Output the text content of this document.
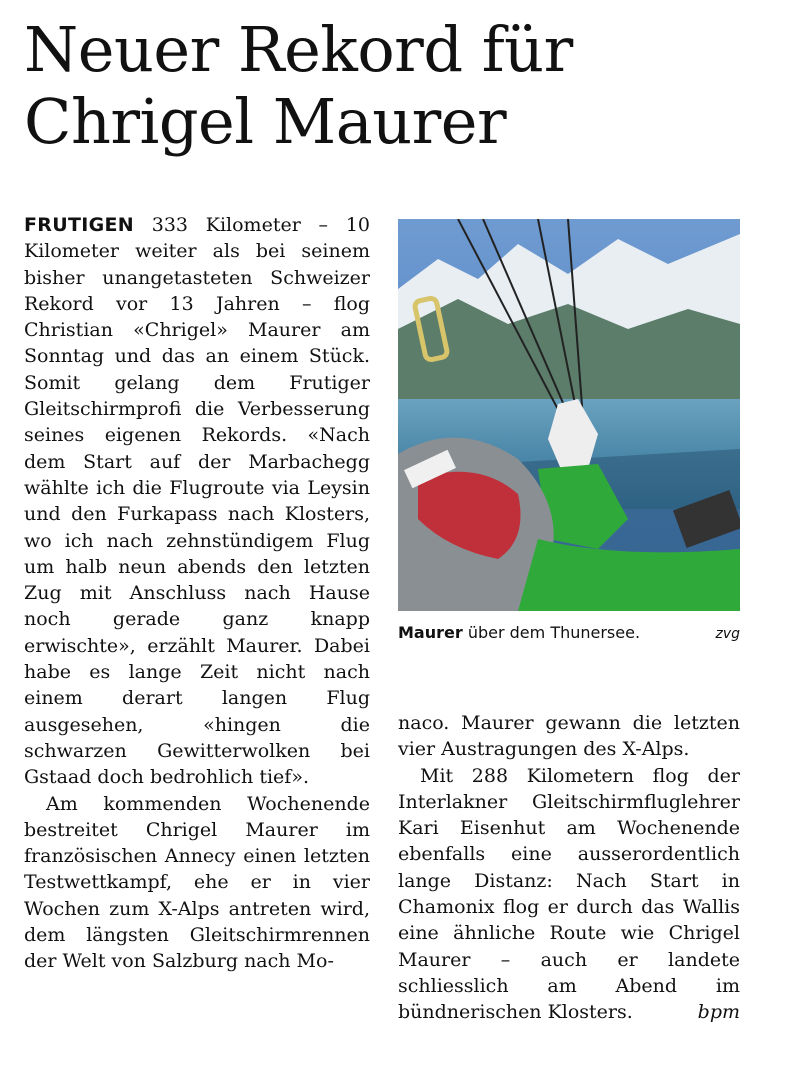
Neuer Rekord für Chrigel Maurer

FRUTIGEN 333 Kilometer – 10 Kilometer weiter als bei seinem bisher unangetasteten Schweizer Rekord vor 13 Jahren – flog Christian «Chrigel» Maurer am Sonntag und das an einem Stück. Somit gelang dem Frutiger Gleitschirmprofi die Verbesserung seines eigenen Rekords. «Nach dem Start auf der Marbachegg wählte ich die Flugroute via Leysin und den Furkapass nach Klosters, wo ich nach zehnstündigem Flug um halb neun abends den letzten Zug mit Anschluss nach Hause noch gerade ganz knapp erwischte», erzählt Maurer. Dabei habe es lange Zeit nicht nach einem derart langen Flug ausgesehen, «hingen die schwarzen Gewitterwolken bei Gstaad doch bedrohlich tief».

Am kommenden Wochenende bestreitet Chrigel Maurer im französischen Annecy einen letzten Testwettkampf, ehe er in vier Wochen zum X-Alps antreten wird, dem längsten Gleitschirmrennen der Welt von Salzburg nach Mo-

Maurer über dem Thunersee.	zvg

naco. Maurer gewann die letzten vier Austragungen des X-Alps.

Mit 288 Kilometern flog der Interlakner Gleitschirmfluglehrer Kari Eisenhut am Wochenende ebenfalls eine ausserordentlich lange Distanz: Nach Start in Chamonix flog er durch das Wallis eine ähnliche Route wie Chrigel Maurer – auch er landete schliesslich am Abend im bündnerischen Klosters.	bpm
